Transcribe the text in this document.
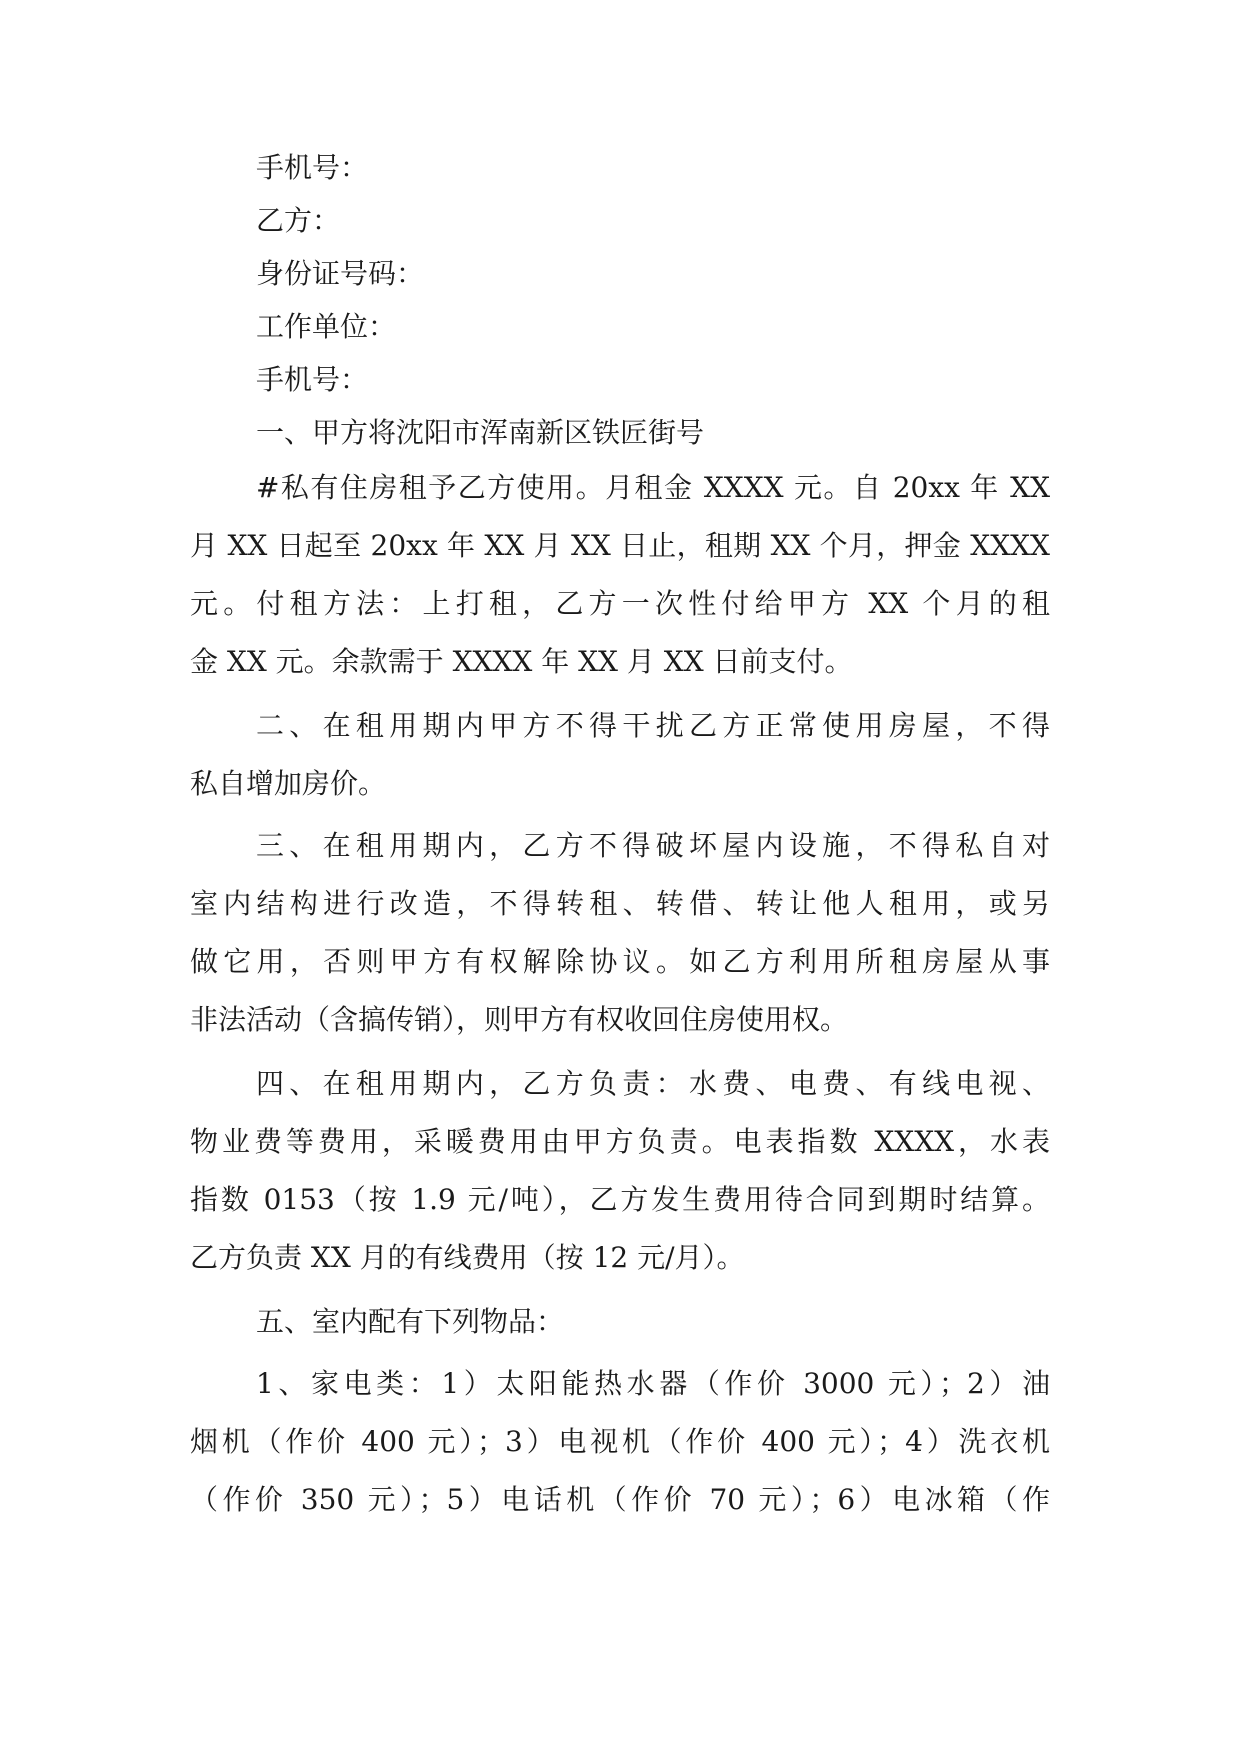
手机号：
乙方：
身份证号码：
工作单位：
手机号：
一、甲方将沈阳市浑南新区铁匠街号
#私有住房租予乙方使用。月租金 XXXX 元。自 20xx 年 XX
月 XX 日起至 20xx 年 XX 月 XX 日止，租期 XX 个月，押金 XXXX
元。付租方法：上打租，乙方一次性付给甲方 XX 个月的租
金 XX 元。余款需于 XXXX 年 XX 月 XX 日前支付。
二、在租用期内甲方不得干扰乙方正常使用房屋，不得
私自增加房价。
三、在租用期内，乙方不得破坏屋内设施，不得私自对
室内结构进行改造，不得转租、转借、转让他人租用，或另
做它用，否则甲方有权解除协议。如乙方利用所租房屋从事
非法活动（含搞传销），则甲方有权收回住房使用权。
四、在租用期内，乙方负责：水费、电费、有线电视、
物业费等费用，采暖费用由甲方负责。电表指数 XXXX，水表
指数 0153（按 1.9 元/吨），乙方发生费用待合同到期时结算。
乙方负责 XX 月的有线费用（按 12 元/月）。
五、室内配有下列物品：
1、家电类：1）太阳能热水器（作价 3000 元）；2）油
烟机（作价 400 元）；3）电视机（作价 400 元）；4）洗衣机
（作价 350 元）；5）电话机（作价 70 元）；6）电冰箱（作
